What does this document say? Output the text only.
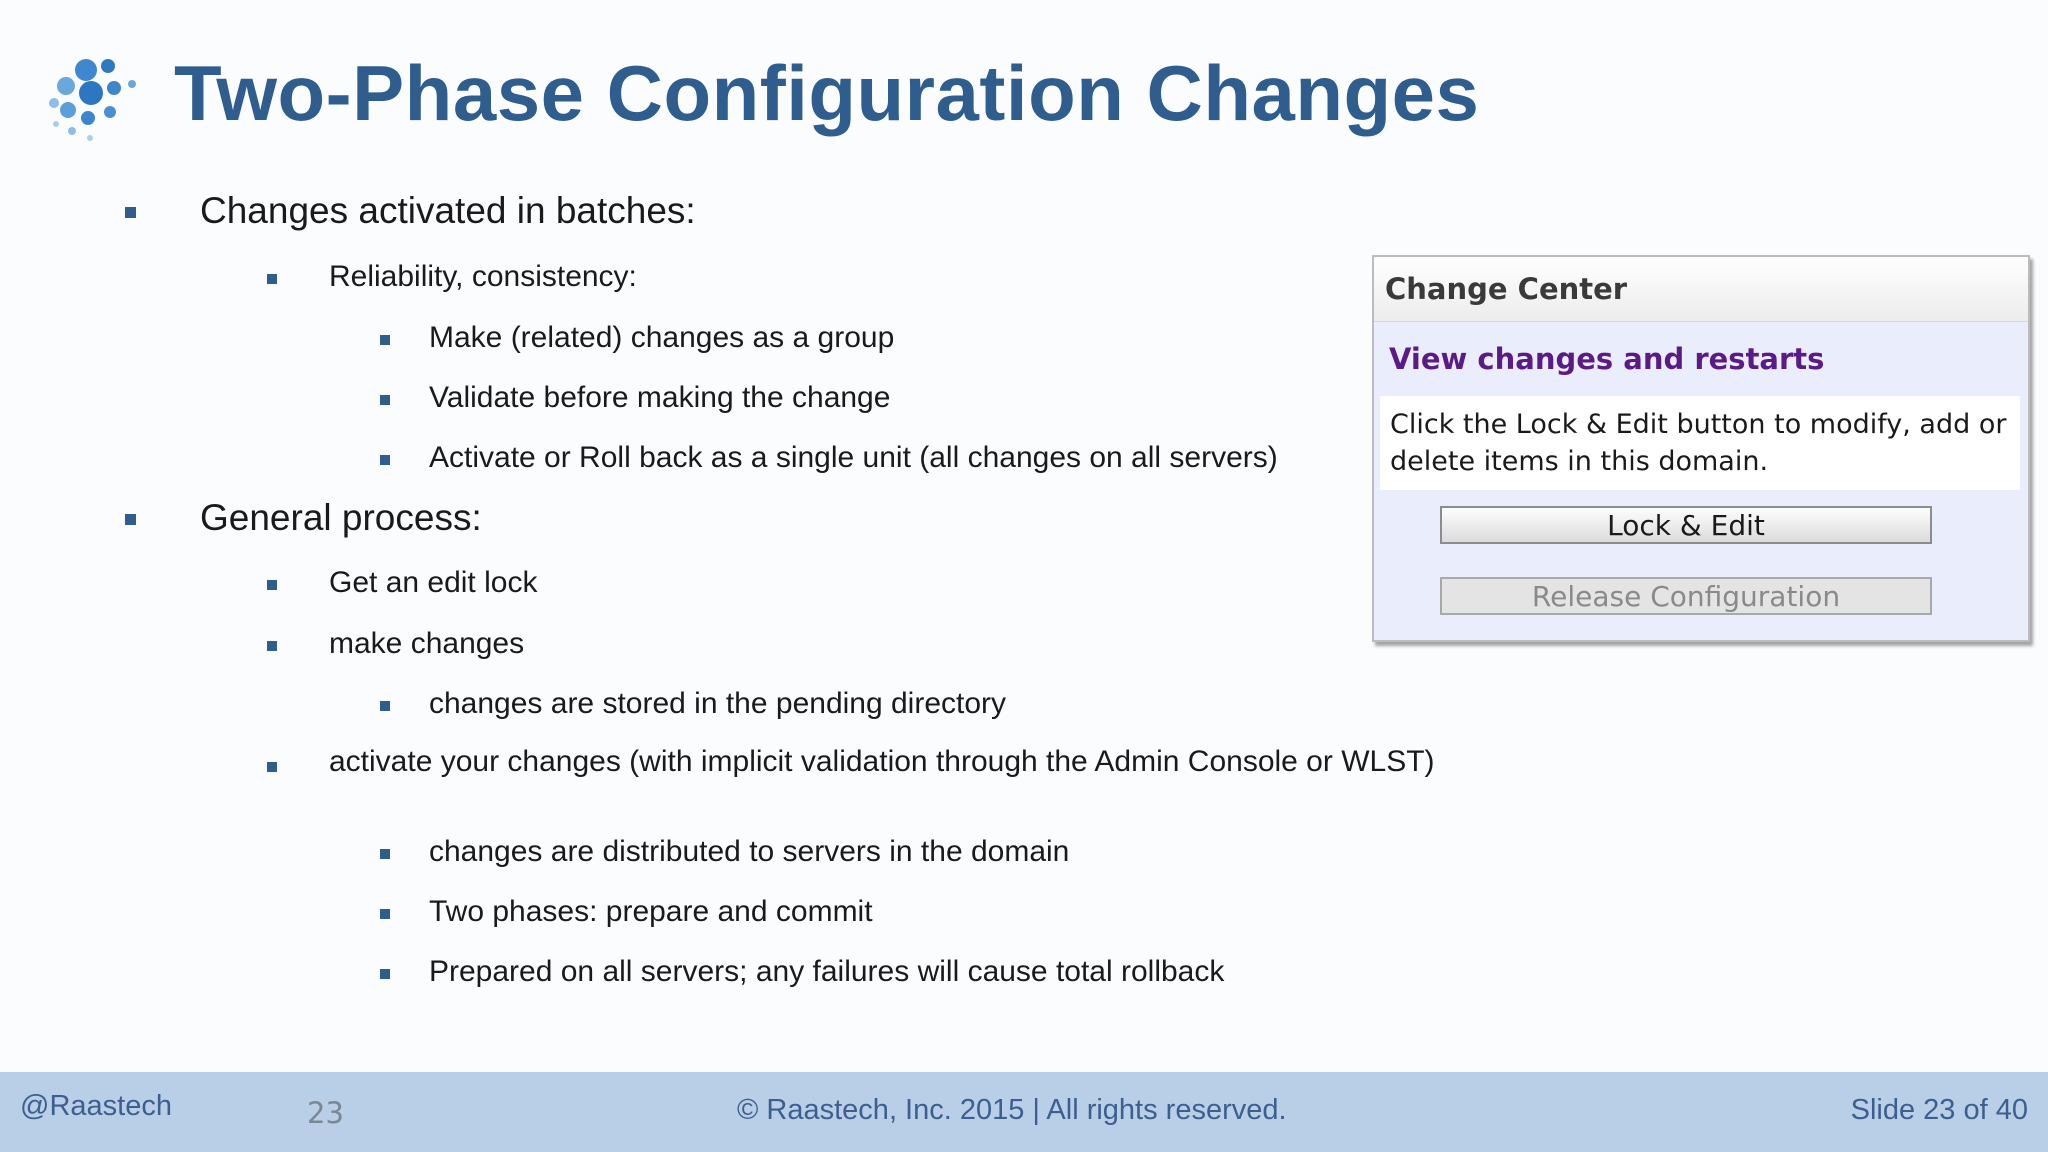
Two-Phase Configuration Changes
Changes activated in batches:
Reliability, consistency:
Make (related) changes as a group
Validate before making the change
Activate or Roll back as a single unit (all changes on all servers)
General process:
Get an edit lock
make changes
changes are stored in the pending directory
activate your changes (with implicit validation through the Admin Console or WLST)
changes are distributed to servers in the domain
Two phases: prepare and commit
Prepared on all servers; any failures will cause total rollback
Change Center
View changes and restarts
Click the Lock & Edit button to modify, add or delete items in this domain.
Lock & Edit
Release Configuration
@Raastech	23	© Raastech, Inc. 2015 | All rights reserved.	Slide 23 of 40
